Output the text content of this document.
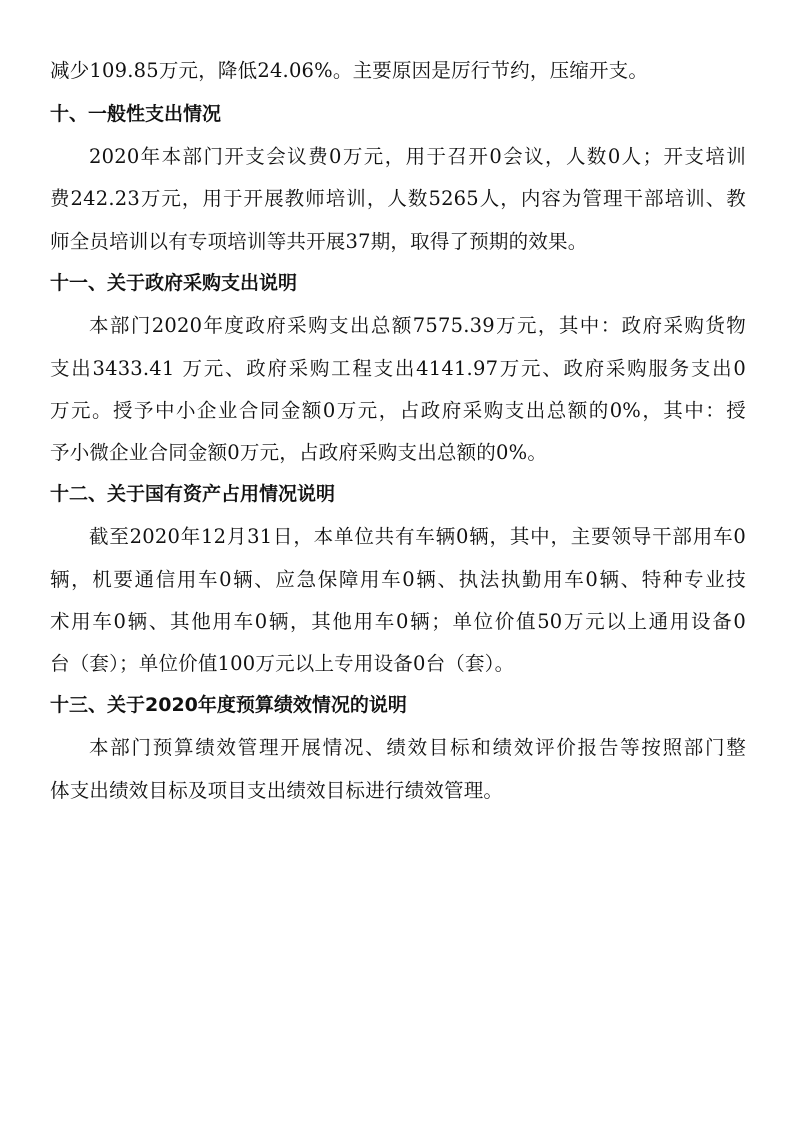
减少109.85万元，降低24.06%。主要原因是厉行节约，压缩开支。
十、一般性支出情况
2020年本部门开支会议费0万元，用于召开0会议，人数0人；开支培训
费242.23万元，用于开展教师培训，人数5265人，内容为管理干部培训、教
师全员培训以有专项培训等共开展37期，取得了预期的效果。
十一、关于政府采购支出说明
本部门2020年度政府采购支出总额7575.39万元，其中：政府采购货物
支出3433.41 万元、政府采购工程支出4141.97万元、政府采购服务支出0
万元。授予中小企业合同金额0万元，占政府采购支出总额的0%，其中：授
予小微企业合同金额0万元，占政府采购支出总额的0%。
十二、关于国有资产占用情况说明
截至2020年12月31日，本单位共有车辆0辆，其中，主要领导干部用车0
辆，机要通信用车0辆、应急保障用车0辆、执法执勤用车0辆、特种专业技
术用车0辆、其他用车0辆，其他用车0辆；单位价值50万元以上通用设备0
台（套）；单位价值100万元以上专用设备0台（套）。
十三、关于2020年度预算绩效情况的说明
本部门预算绩效管理开展情况、绩效目标和绩效评价报告等按照部门整
体支出绩效目标及项目支出绩效目标进行绩效管理。
